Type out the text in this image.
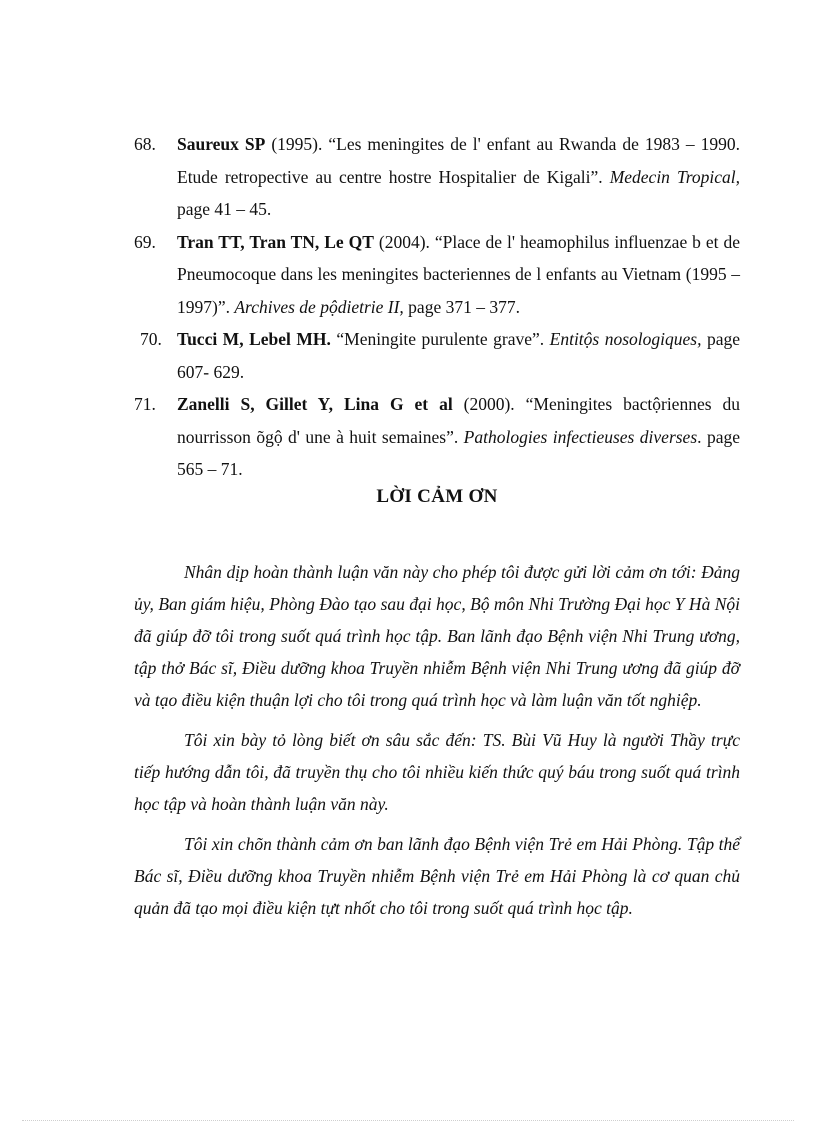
68.	Saureux SP (1995). “Les meningites de l' enfant au Rwanda de 1983 – 1990. Etude retropective au centre hostre Hospitalier de Kigali”. Medecin Tropical, page 41 – 45.
69.	Tran TT, Tran TN, Le QT (2004). “Place de l' heamophilus influenzae b et de Pneumocoque dans les meningites bacteriennes de l enfants au Vietnam (1995 – 1997)”. Archives de pộdietrie II, page 371 – 377.
70. Tucci M, Lebel MH. “Meningite purulente grave”. Entitộs nosologiques, page 607- 629.
71.	Zanelli S, Gillet Y, Lina G et al (2000). “Meningites bactộriennes du nourrisson õgộ d' une à huit semaines”. Pathologies infectieuses diverses. page 565 – 71.
LỜI CẢM ƠN

Nhân dịp hoàn thành luận văn này cho phép tôi được gửi lời cảm ơn tới: Đảng ủy, Ban giám hiệu, Phòng Đào tạo sau đại học, Bộ môn Nhi Trường Đại học Y Hà Nội đã giúp đỡ tôi trong suốt quá trình học tập. Ban lãnh đạo Bệnh viện Nhi Trung ương, tập thở Bác sĩ, Điều dưỡng khoa Truyền nhiễm Bệnh viện Nhi Trung ương đã giúp đỡ và tạo điều kiện thuận lợi cho tôi trong quá trình học và làm luận văn tốt nghiệp.

Tôi xin bày tỏ lòng biết ơn sâu sắc đến: TS. Bùi Vũ Huy là người Thầy trực tiếp hướng dẫn tôi, đã truyền thụ cho tôi nhiều kiến thức quý báu trong suốt quá trình học tập và hoàn thành luận văn này.

Tôi xin chõn thành cảm ơn ban lãnh đạo Bệnh viện Trẻ em Hải Phòng. Tập thể Bác sĩ, Điều dưỡng khoa Truyền nhiễm Bệnh viện Trẻ em Hải Phòng là cơ quan chủ quản đã tạo mọi điều kiện tựt nhốt cho tôi trong suốt quá trình học tập.
